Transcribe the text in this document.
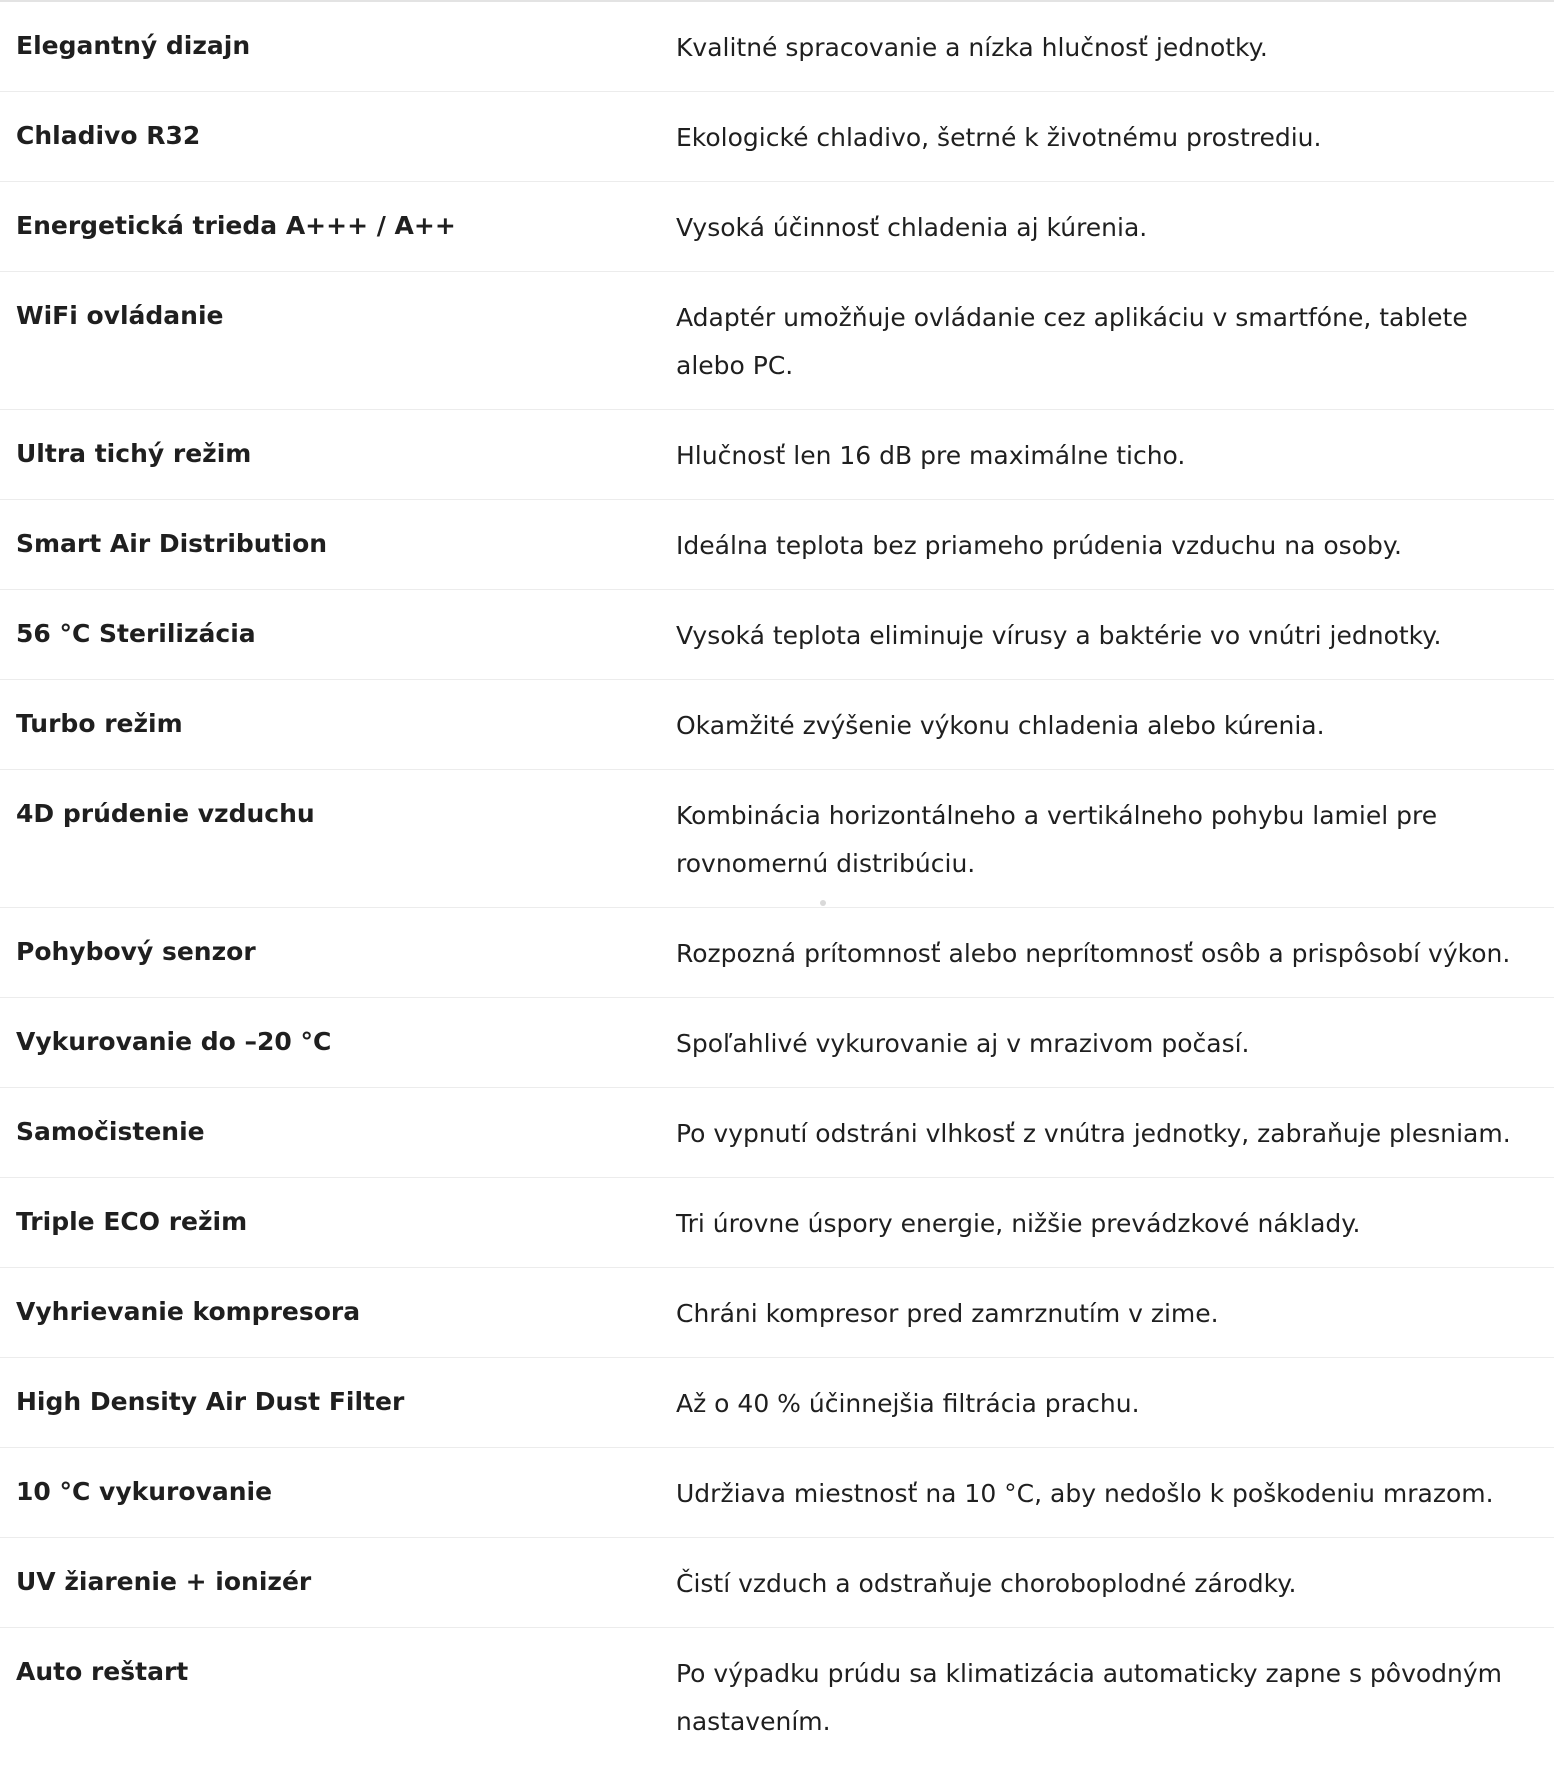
Elegantný dizajn	Kvalitné spracovanie a nízka hlučnosť jednotky.
Chladivo R32	Ekologické chladivo, šetrné k životnému prostrediu.
Energetická trieda A+++ / A++	Vysoká účinnosť chladenia aj kúrenia.
WiFi ovládanie	Adaptér umožňuje ovládanie cez aplikáciu v smartfóne, tablete alebo PC.
Ultra tichý režim	Hlučnosť len 16 dB pre maximálne ticho.
Smart Air Distribution	Ideálna teplota bez priameho prúdenia vzduchu na osoby.
56 °C Sterilizácia	Vysoká teplota eliminuje vírusy a baktérie vo vnútri jednotky.
Turbo režim	Okamžité zvýšenie výkonu chladenia alebo kúrenia.
4D prúdenie vzduchu	Kombinácia horizontálneho a vertikálneho pohybu lamiel pre rovnomernú distribúciu.
Pohybový senzor	Rozpozná prítomnosť alebo neprítomnosť osôb a prispôsobí výkon.
Vykurovanie do –20 °C	Spoľahlivé vykurovanie aj v mrazivom počasí.
Samočistenie	Po vypnutí odstráni vlhkosť z vnútra jednotky, zabraňuje plesniam.
Triple ECO režim	Tri úrovne úspory energie, nižšie prevádzkové náklady.
Vyhrievanie kompresora	Chráni kompresor pred zamrznutím v zime.
High Density Air Dust Filter	Až o 40 % účinnejšia filtrácia prachu.
10 °C vykurovanie	Udržiava miestnosť na 10 °C, aby nedošlo k poškodeniu mrazom.
UV žiarenie + ionizér	Čistí vzduch a odstraňuje choroboplodné zárodky.
Auto reštart	Po výpadku prúdu sa klimatizácia automaticky zapne s pôvodným nastavením.
